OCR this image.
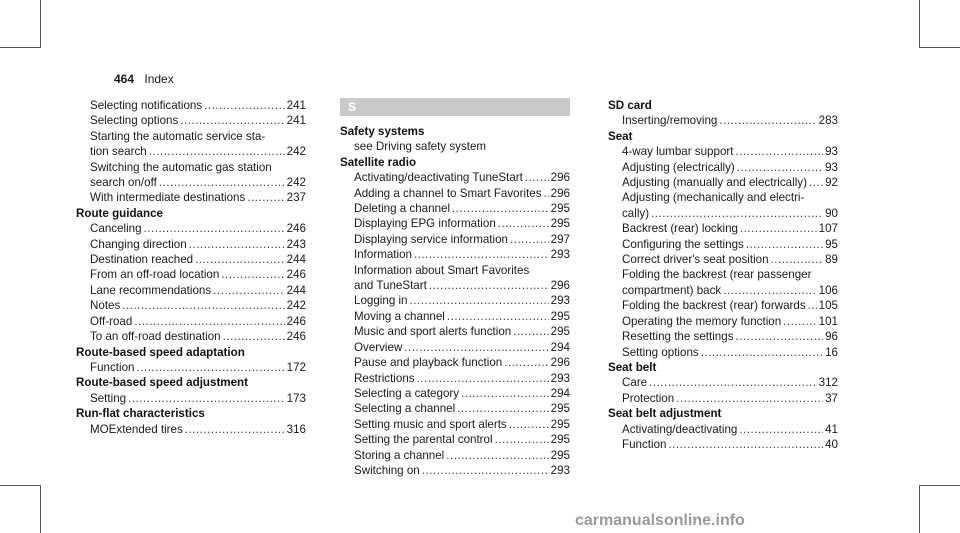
464 Index
Selecting notifications .....	241
Selecting options .....	241
Starting the automatic service sta-
tion search .....	242
Switching the automatic gas station
search on/off .....	242
With intermediate destinations .....	237
Route guidance
Canceling .....	246
Changing direction .....	243
Destination reached .....	244
From an off-road location .....	246
Lane recommendations .....	244
Notes .....	242
Off-road .....	246
To an off-road destination .....	246
Route-based speed adaptation
Function .....	172
Route-based speed adjustment
Setting .....	173
Run-flat characteristics
MOExtended tires .....	316
S
Safety systems
see Driving safety system
Satellite radio
Activating/deactivating TuneStart ..... 296
Adding a channel to Smart Favorites ..... 296
Deleting a channel .....	295
Displaying EPG information .....	295
Displaying service information .....	297
Information .....	293
Information about Smart Favorites
and TuneStart .....	296
Logging in .....	293
Moving a channel .....	295
Music and sport alerts function .....	295
Overview .....	294
Pause and playback function .....	296
Restrictions .....	293
Selecting a category .....	294
Selecting a channel .....	295
Setting music and sport alerts .....	295
Setting the parental control .....	295
Storing a channel .....	295
Switching on .....	293
SD card
Inserting/removing .....	283
Seat
4-way lumbar support .....	93
Adjusting (electrically) .....	93
Adjusting (manually and electrically) ..... 92
Adjusting (mechanically and electri-
cally) .....	90
Backrest (rear) locking .....	107
Configuring the settings .....	95
Correct driver's seat position .....	89
Folding the backrest (rear passenger
compartment) back .....	106
Folding the backrest (rear) forwards ..... 105
Operating the memory function .....	101
Resetting the settings .....	96
Setting options .....	16
Seat belt
Care .....	312
Protection .....	37
Seat belt adjustment
Activating/deactivating .....	41
Function .....	40
carmanualsonline.info
